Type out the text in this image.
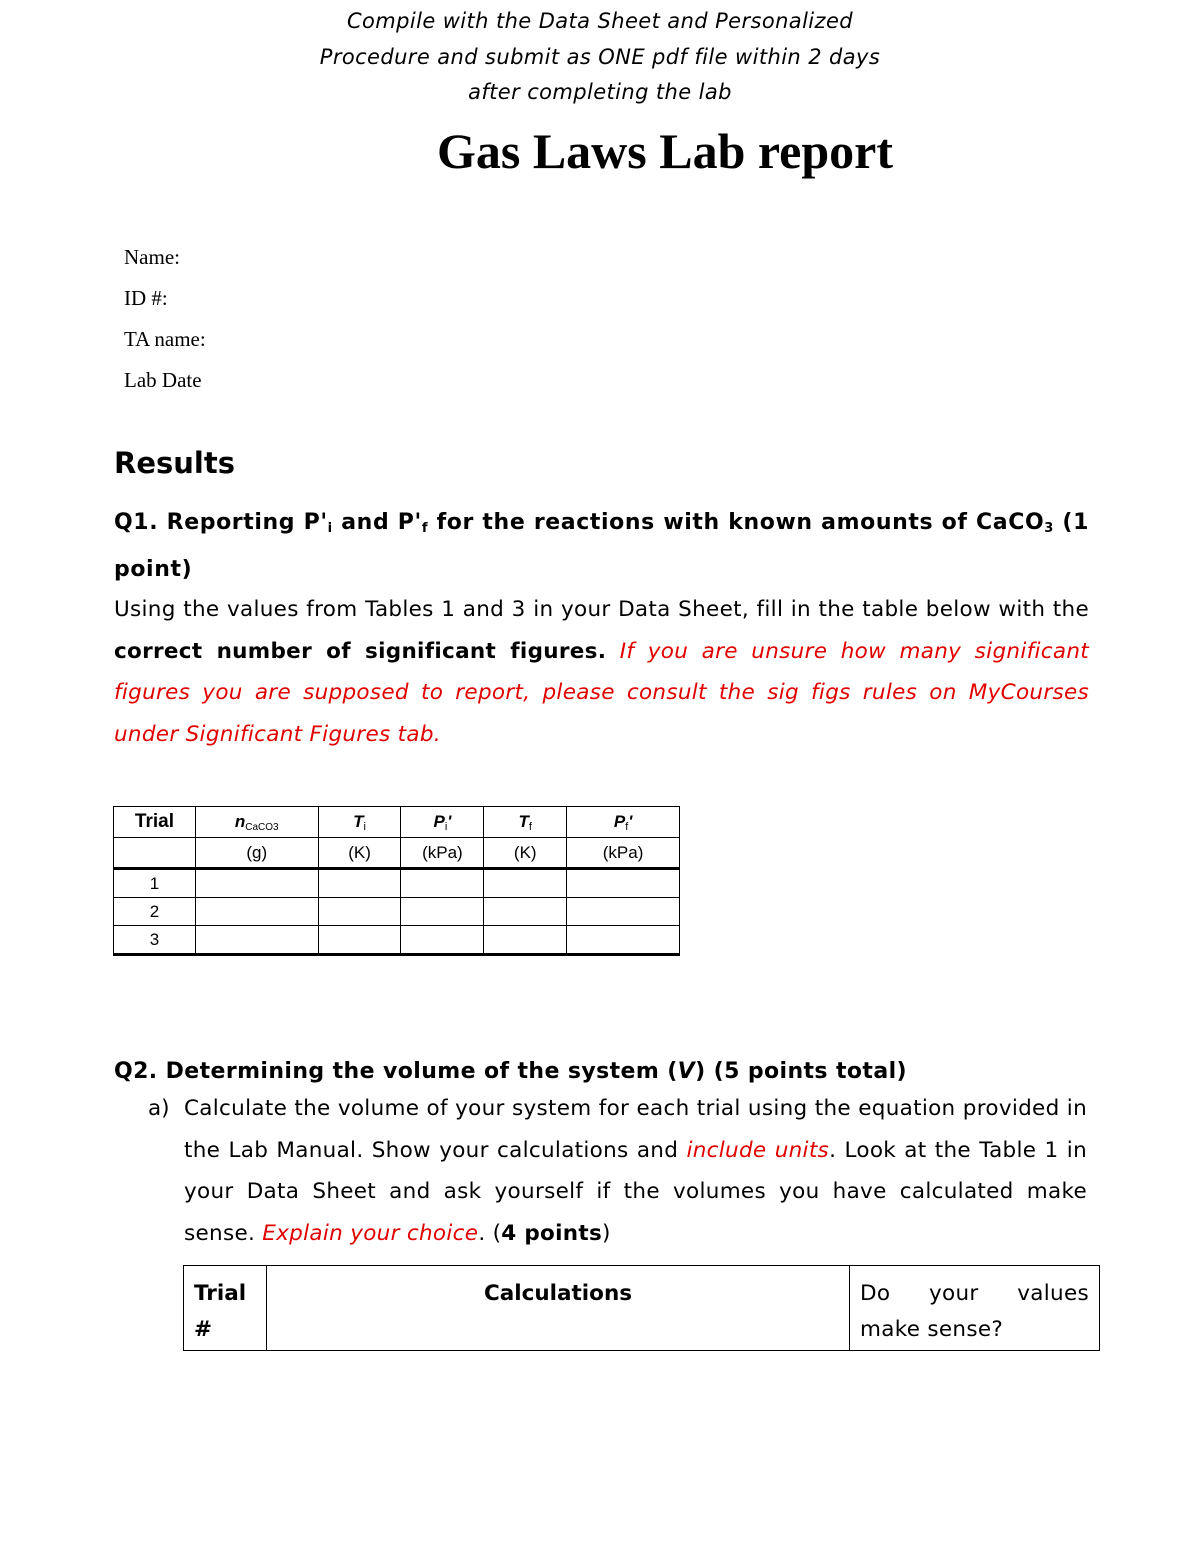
Compile with the Data Sheet and Personalized
Procedure and submit as ONE pdf file within 2 days
after completing the lab
Gas Laws Lab report
Name:
ID #:
TA name:
Lab Date
Results
Q1. Reporting $P'_i$ and $P'_f$ for the reactions with known amounts of CaCO$_3$ (1 point)
Using the values from Tables 1 and 3 in your Data Sheet, fill in the table below with the correct number of significant figures. If you are unsure how many significant figures you are supposed to report, please consult the sig figs rules on MyCourses under Significant Figures tab.
Trial	$n_{CaCO3}$	$T_i$	$P_i'$	$T_f$	$P_f'$
	(g)	(K)	(kPa)	(K)	(kPa)
1					
2					
3					
Q2. Determining the volume of the system (V) (5 points total)
a) Calculate the volume of your system for each trial using the equation provided in the Lab Manual. Show your calculations and include units. Look at the Table 1 in your Data Sheet and ask yourself if the volumes you have calculated make sense. Explain your choice. (4 points)
Trial #	Calculations	Do your values make sense?
